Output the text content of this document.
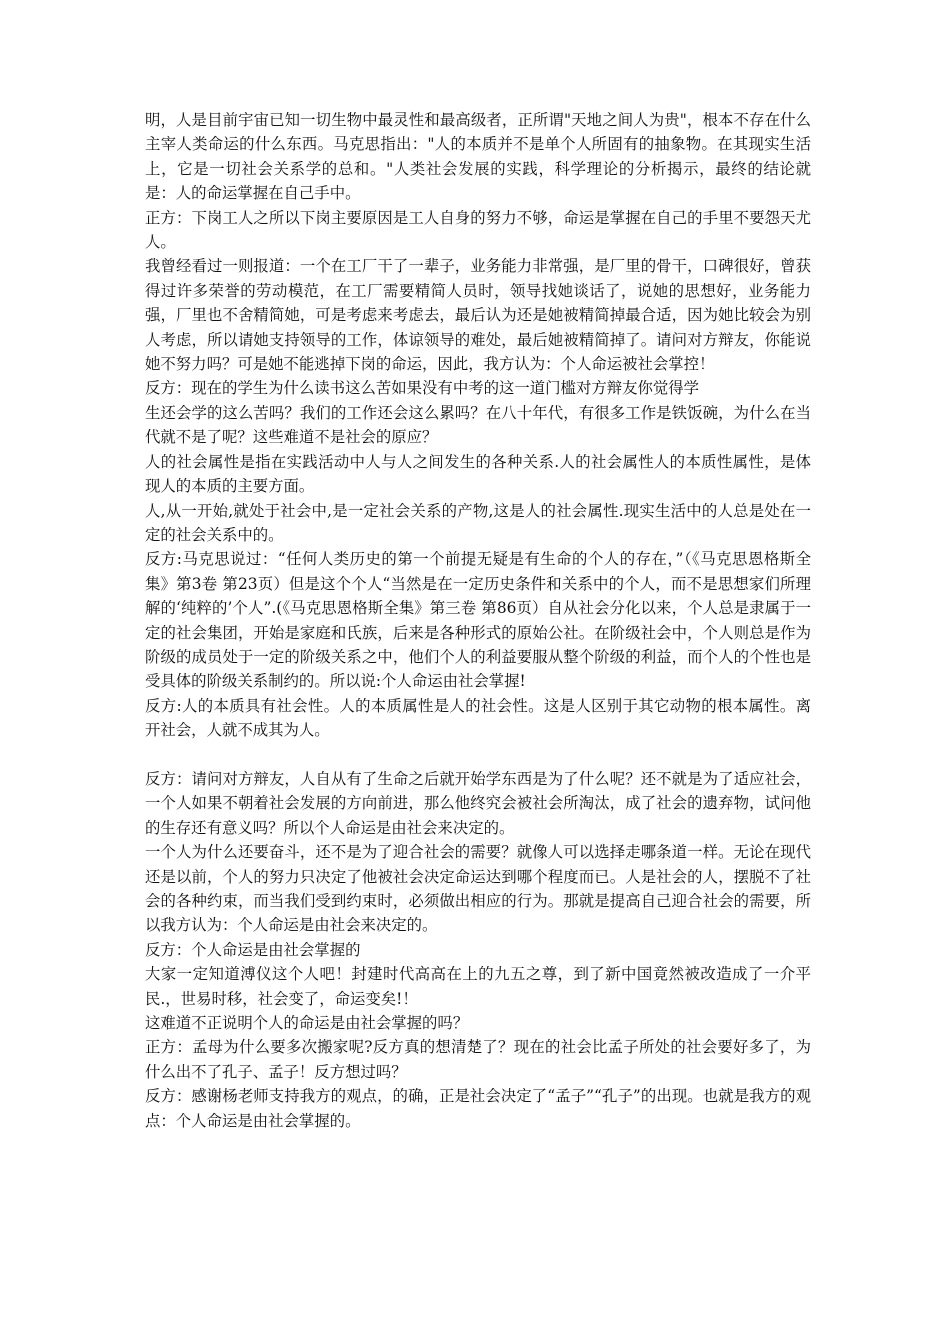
明，人是目前宇宙已知一切生物中最灵性和最高级者，正所谓"天地之间人为贵"，根本不存在什么主宰人类命运的什么东西。马克思指出："人的本质并不是单个人所固有的抽象物。在其现实生活上，它是一切社会关系学的总和。"人类社会发展的实践，科学理论的分析揭示，最终的结论就是：人的命运掌握在自己手中。

正方：下岗工人之所以下岗主要原因是工人自身的努力不够，命运是掌握在自己的手里不要怨天尤人。

我曾经看过一则报道：一个在工厂干了一辈子，业务能力非常强，是厂里的骨干，口碑很好，曾获得过许多荣誉的劳动模范，在工厂需要精简人员时，领导找她谈话了，说她的思想好，业务能力强，厂里也不舍精简她，可是考虑来考虑去，最后认为还是她被精简掉最合适，因为她比较会为别人考虑，所以请她支持领导的工作，体谅领导的难处，最后她被精简掉了。请问对方辩友，你能说她不努力吗？可是她不能逃掉下岗的命运，因此，我方认为：个人命运被社会掌控！

反方：现在的学生为什么读书这么苦如果没有中考的这一道门槛对方辩友你觉得学

生还会学的这么苦吗？我们的工作还会这么累吗？在八十年代，有很多工作是铁饭碗，为什么在当代就不是了呢？这些难道不是社会的原应？

人的社会属性是指在实践活动中人与人之间发生的各种关系.人的社会属性人的本质性属性，是体现人的本质的主要方面。

人,从一开始,就处于社会中,是一定社会关系的产物,这是人的社会属性.现实生活中的人总是处在一定的社会关系中的。

反方:马克思说过：“任何人类历史的第一个前提无疑是有生命的个人的存在，”（《马克思恩格斯全集》第3卷 第23页）但是这个个人“当然是在一定历史条件和关系中的个人，而不是思想家们所理解的‘纯粹的’个人”.(《马克思恩格斯全集》第三卷 第86页）自从社会分化以来，个人总是隶属于一定的社会集团，开始是家庭和氏族，后来是各种形式的原始公社。在阶级社会中，个人则总是作为阶级的成员处于一定的阶级关系之中，他们个人的利益要服从整个阶级的利益，而个人的个性也是受具体的阶级关系制约的。所以说:个人命运由社会掌握!

反方:人的本质具有社会性。人的本质属性是人的社会性。这是人区别于其它动物的根本属性。离开社会，人就不成其为人。

反方：请问对方辩友，人自从有了生命之后就开始学东西是为了什么呢？还不就是为了适应社会，一个人如果不朝着社会发展的方向前进，那么他终究会被社会所淘汰，成了社会的遗弃物，试问他的生存还有意义吗？所以个人命运是由社会来决定的。

一个人为什么还要奋斗，还不是为了迎合社会的需要？就像人可以选择走哪条道一样。无论在现代还是以前，个人的努力只决定了他被社会决定命运达到哪个程度而已。人是社会的人，摆脱不了社会的各种约束，而当我们受到约束时，必须做出相应的行为。那就是提高自己迎合社会的需要，所以我方认为：个人命运是由社会来决定的。

反方：个人命运是由社会掌握的

大家一定知道溥仪这个人吧！封建时代高高在上的九五之尊，到了新中国竟然被改造成了一介平民.，世易时移，社会变了，命运变矣!！

这难道不正说明个人的命运是由社会掌握的吗？

正方：孟母为什么要多次搬家呢?反方真的想清楚了？现在的社会比孟子所处的社会要好多了，为什么出不了孔子、孟子！反方想过吗？

反方：感谢杨老师支持我方的观点，的确，正是社会决定了“孟子”“孔子”的出现。也就是我方的观点：个人命运是由社会掌握的。
